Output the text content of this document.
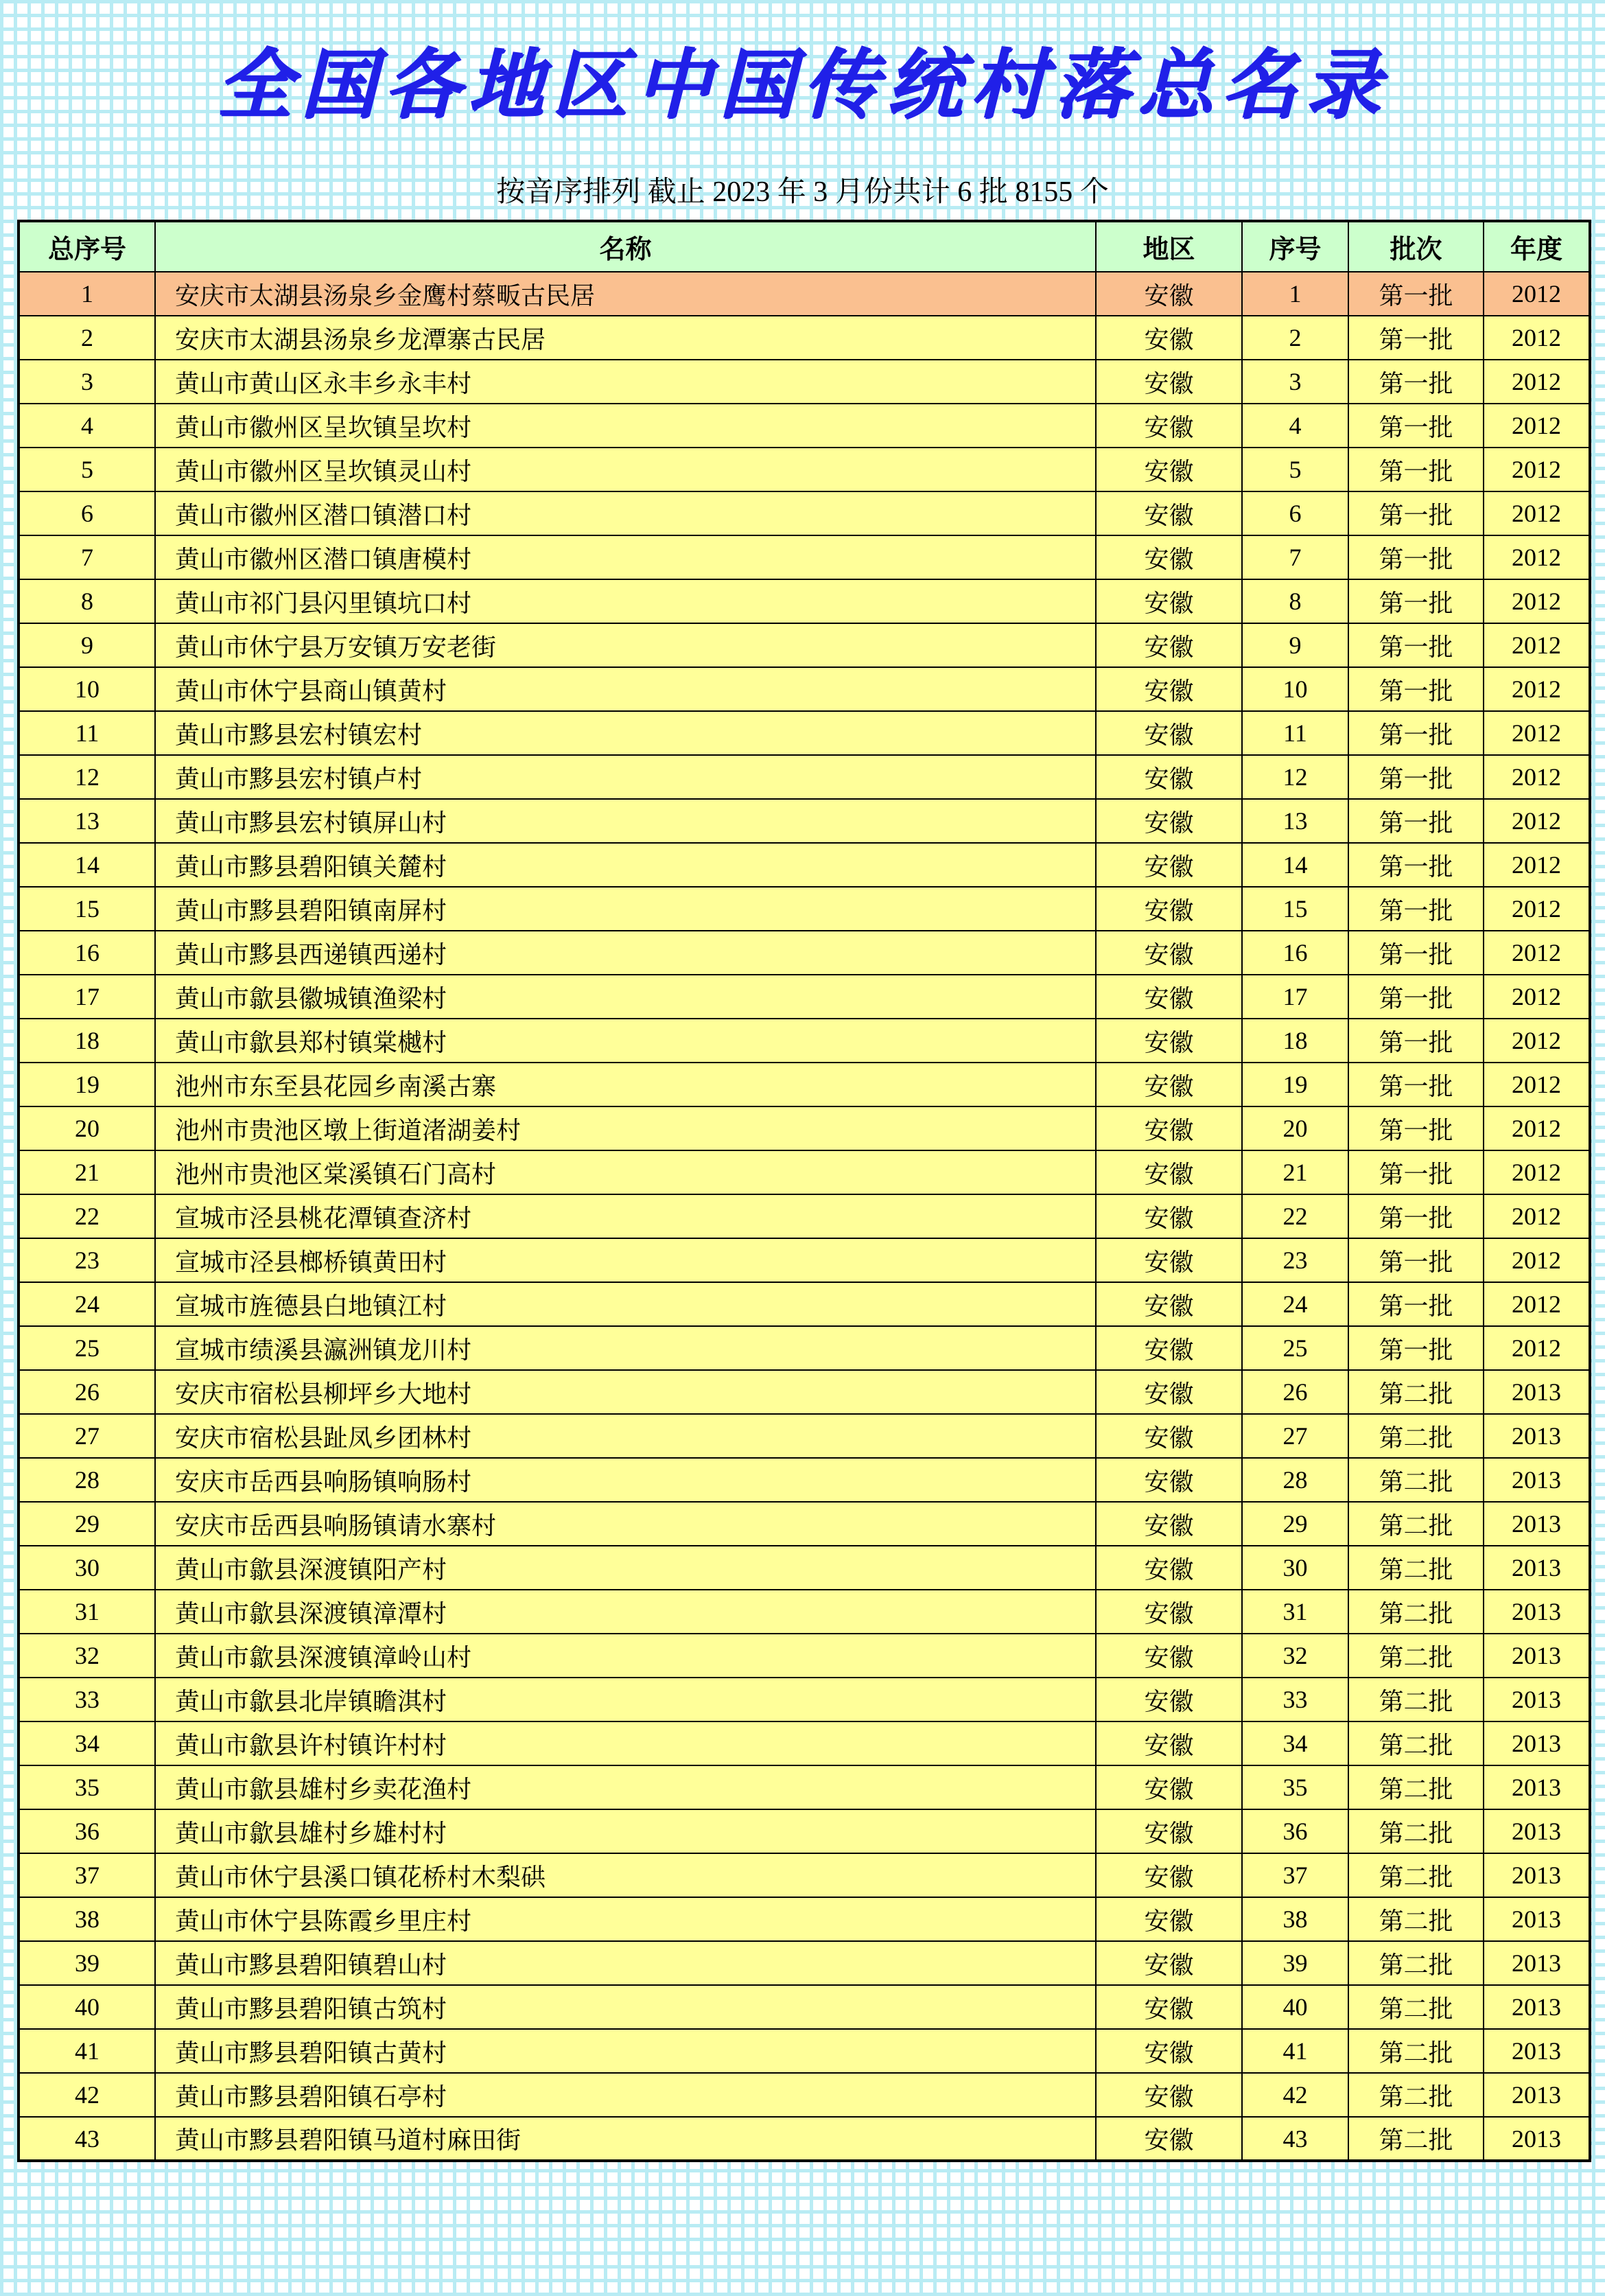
全国各地区中国传统村落总名录
按音序排列 截止 2023 年 3 月份共计 6 批 8155 个
总序号	名称	地区	序号	批次	年度
1	安庆市太湖县汤泉乡金鹰村蔡畈古民居	安徽	1	第一批	2012
2	安庆市太湖县汤泉乡龙潭寨古民居	安徽	2	第一批	2012
3	黄山市黄山区永丰乡永丰村	安徽	3	第一批	2012
4	黄山市徽州区呈坎镇呈坎村	安徽	4	第一批	2012
5	黄山市徽州区呈坎镇灵山村	安徽	5	第一批	2012
6	黄山市徽州区潜口镇潜口村	安徽	6	第一批	2012
7	黄山市徽州区潜口镇唐模村	安徽	7	第一批	2012
8	黄山市祁门县闪里镇坑口村	安徽	8	第一批	2012
9	黄山市休宁县万安镇万安老街	安徽	9	第一批	2012
10	黄山市休宁县商山镇黄村	安徽	10	第一批	2012
11	黄山市黟县宏村镇宏村	安徽	11	第一批	2012
12	黄山市黟县宏村镇卢村	安徽	12	第一批	2012
13	黄山市黟县宏村镇屏山村	安徽	13	第一批	2012
14	黄山市黟县碧阳镇关麓村	安徽	14	第一批	2012
15	黄山市黟县碧阳镇南屏村	安徽	15	第一批	2012
16	黄山市黟县西递镇西递村	安徽	16	第一批	2012
17	黄山市歙县徽城镇渔梁村	安徽	17	第一批	2012
18	黄山市歙县郑村镇棠樾村	安徽	18	第一批	2012
19	池州市东至县花园乡南溪古寨	安徽	19	第一批	2012
20	池州市贵池区墩上街道渚湖姜村	安徽	20	第一批	2012
21	池州市贵池区棠溪镇石门高村	安徽	21	第一批	2012
22	宣城市泾县桃花潭镇查济村	安徽	22	第一批	2012
23	宣城市泾县榔桥镇黄田村	安徽	23	第一批	2012
24	宣城市旌德县白地镇江村	安徽	24	第一批	2012
25	宣城市绩溪县瀛洲镇龙川村	安徽	25	第一批	2012
26	安庆市宿松县柳坪乡大地村	安徽	26	第二批	2013
27	安庆市宿松县趾凤乡团林村	安徽	27	第二批	2013
28	安庆市岳西县响肠镇响肠村	安徽	28	第二批	2013
29	安庆市岳西县响肠镇请水寨村	安徽	29	第二批	2013
30	黄山市歙县深渡镇阳产村	安徽	30	第二批	2013
31	黄山市歙县深渡镇漳潭村	安徽	31	第二批	2013
32	黄山市歙县深渡镇漳岭山村	安徽	32	第二批	2013
33	黄山市歙县北岸镇瞻淇村	安徽	33	第二批	2013
34	黄山市歙县许村镇许村村	安徽	34	第二批	2013
35	黄山市歙县雄村乡卖花渔村	安徽	35	第二批	2013
36	黄山市歙县雄村乡雄村村	安徽	36	第二批	2013
37	黄山市休宁县溪口镇花桥村木梨硔	安徽	37	第二批	2013
38	黄山市休宁县陈霞乡里庄村	安徽	38	第二批	2013
39	黄山市黟县碧阳镇碧山村	安徽	39	第二批	2013
40	黄山市黟县碧阳镇古筑村	安徽	40	第二批	2013
41	黄山市黟县碧阳镇古黄村	安徽	41	第二批	2013
42	黄山市黟县碧阳镇石亭村	安徽	42	第二批	2013
43	黄山市黟县碧阳镇马道村麻田街	安徽	43	第二批	2013
